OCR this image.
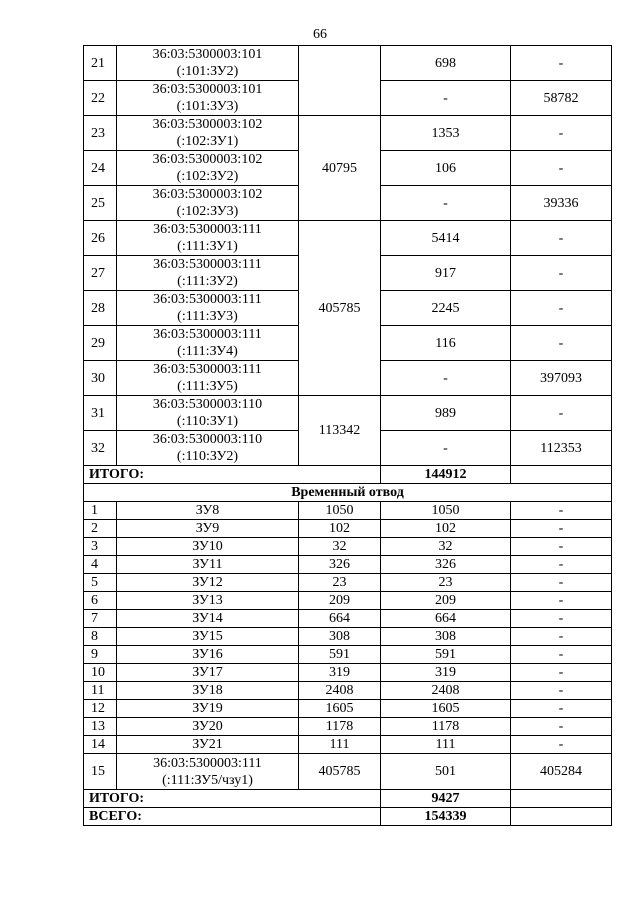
66
21	36:03:5300003:101
(:101:ЗУ2)		698	-
22	36:03:5300003:101
(:101:ЗУ3)		-	58782
23	36:03:5300003:102
(:102:ЗУ1)	40795	1353	-
24	36:03:5300003:102
(:102:ЗУ2)		106	-
25	36:03:5300003:102
(:102:ЗУ3)		-	39336
26	36:03:5300003:111
(:111:ЗУ1)	405785	5414	-
27	36:03:5300003:111
(:111:ЗУ2)		917	-
28	36:03:5300003:111
(:111:ЗУ3)		2245	-
29	36:03:5300003:111
(:111:ЗУ4)		116	-
30	36:03:5300003:111
(:111:ЗУ5)		-	397093
31	36:03:5300003:110
(:110:ЗУ1)	113342	989	-
32	36:03:5300003:110
(:110:ЗУ2)		-	112353
ИТОГО:			144912	
Временный отвод				
1	ЗУ8	1050	1050	-
2	ЗУ9	102	102	-
3	ЗУ10	32	32	-
4	ЗУ11	326	326	-
5	ЗУ12	23	23	-
6	ЗУ13	209	209	-
7	ЗУ14	664	664	-
8	ЗУ15	308	308	-
9	ЗУ16	591	591	-
10	ЗУ17	319	319	-
11	ЗУ18	2408	2408	-
12	ЗУ19	1605	1605	-
13	ЗУ20	1178	1178	-
14	ЗУ21	111	111	-
15	36:03:5300003:111
(:111:ЗУ5/чзу1)	405785	501	405284
ИТОГО:			9427	
ВСЕГО:			154339	
